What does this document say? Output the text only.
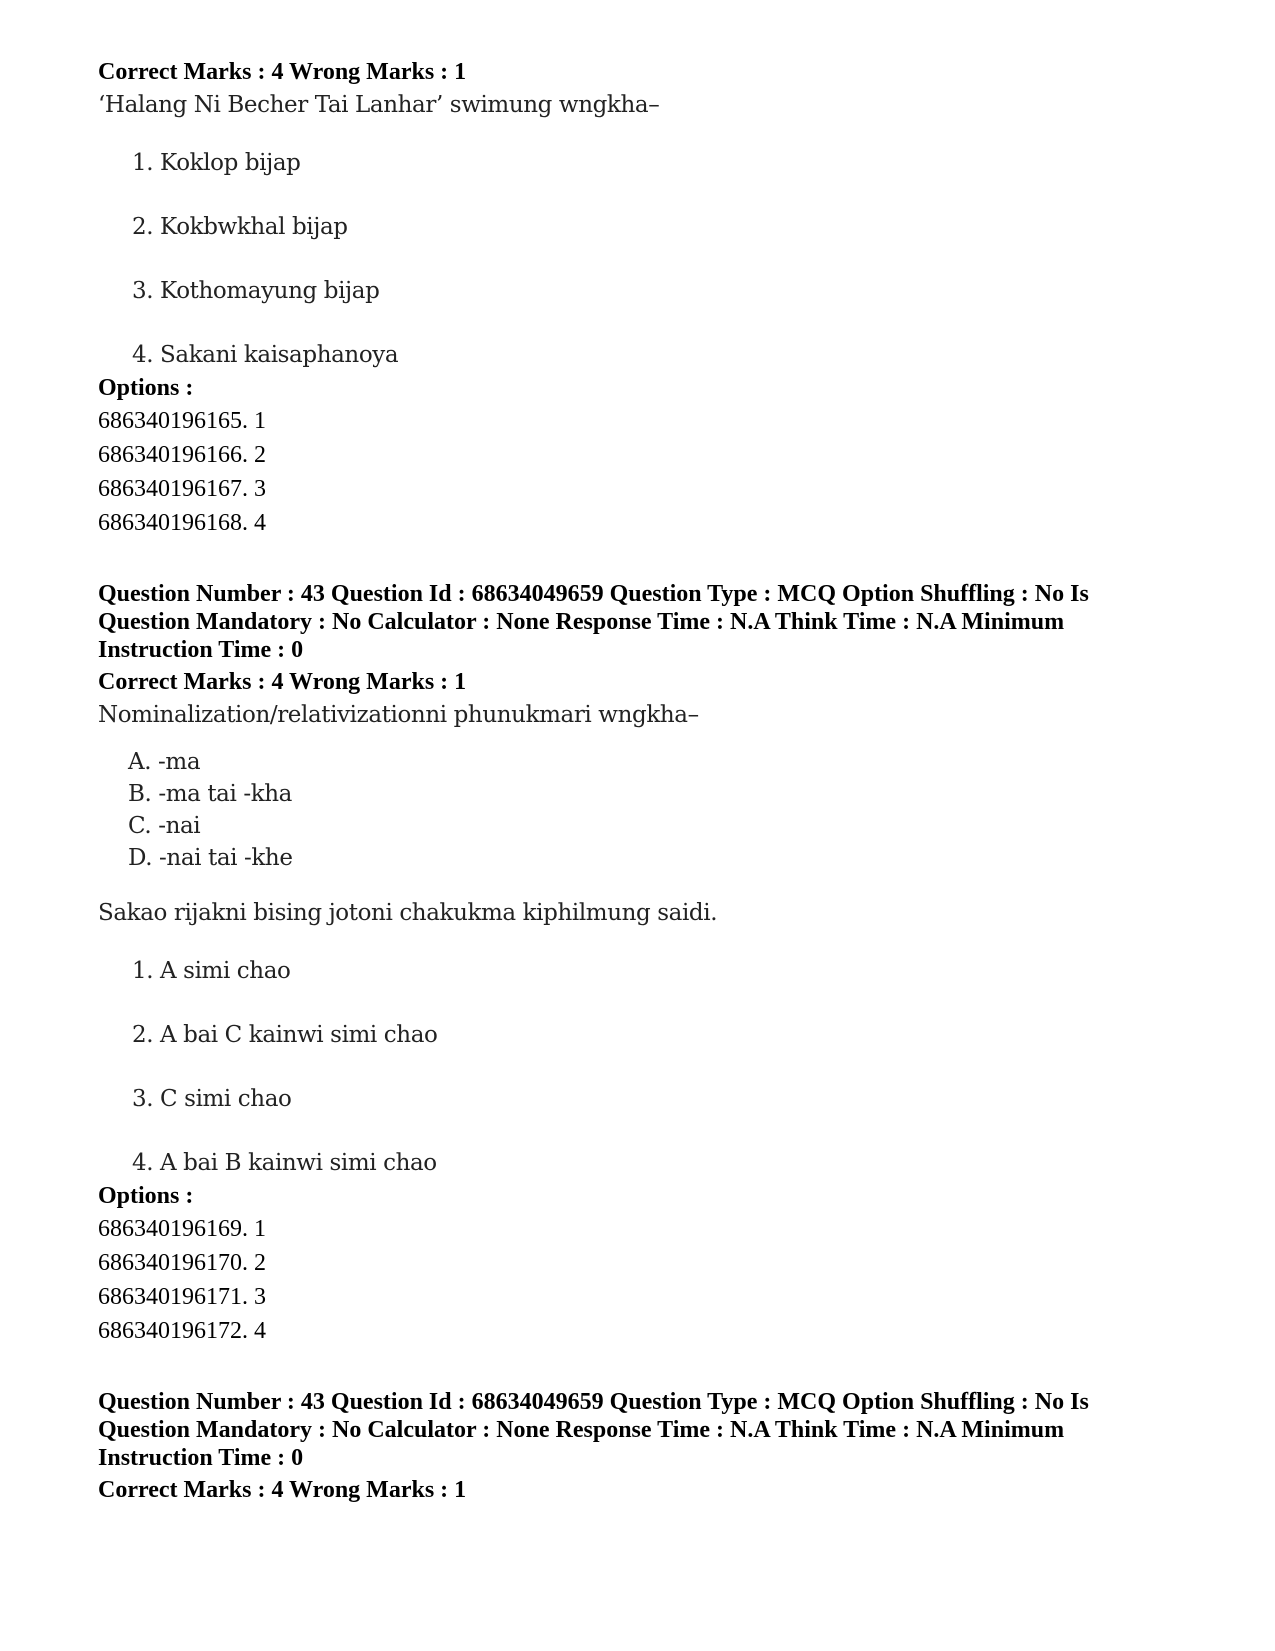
Correct Marks : 4 Wrong Marks : 1

‘Halang Ni Becher Tai Lanhar’ swimung wngkha–
1. Koklop bijap
2. Kokbwkhal bijap
3. Kothomayung bijap
4. Sakani kaisaphanoya

Options :

686340196165. 1
686340196166. 2
686340196167. 3
686340196168. 4

Question Number : 43 Question Id : 68634049659 Question Type : MCQ Option Shuffling : No Is Question Mandatory : No Calculator : None Response Time : N.A Think Time : N.A Minimum Instruction Time : 0

Correct Marks : 4 Wrong Marks : 1

Nominalization/relativizationni phunukmari wngkha–
A. -ma
B. -ma tai -kha
C. -nai
D. -nai tai -khe
Sakao rijakni bising jotoni chakukma kiphilmung saidi.
1. A simi chao
2. A bai C kainwi simi chao
3. C simi chao
4. A bai B kainwi simi chao

Options :

686340196169. 1
686340196170. 2
686340196171. 3
686340196172. 4

Question Number : 43 Question Id : 68634049659 Question Type : MCQ Option Shuffling : No Is Question Mandatory : No Calculator : None Response Time : N.A Think Time : N.A Minimum Instruction Time : 0

Correct Marks : 4 Wrong Marks : 1
